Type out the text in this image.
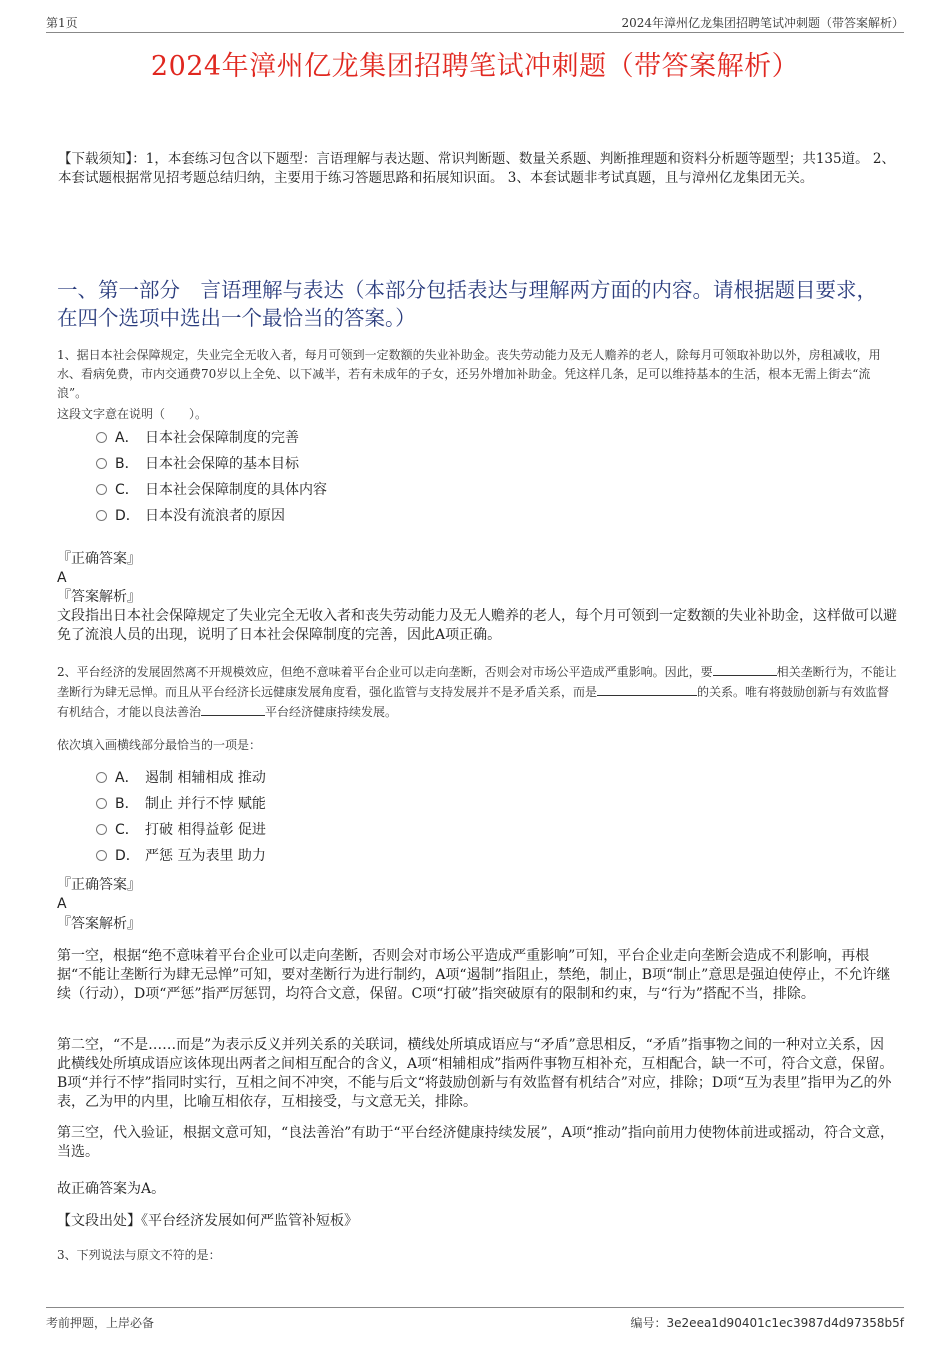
第1页	2024年漳州亿龙集团招聘笔试冲刺题（带答案解析）
2024年漳州亿龙集团招聘笔试冲刺题（带答案解析）
【下载须知】：1，本套练习包含以下题型：言语理解与表达题、常识判断题、数量关系题、判断推理题和资料分析题等题型；共135道。 2、本套试题根据常见招考题总结归纳，主要用于练习答题思路和拓展知识面。 3、本套试题非考试真题，且与漳州亿龙集团无关。
一、第一部分　言语理解与表达（本部分包括表达与理解两方面的内容。请根据题目要求，在四个选项中选出一个最恰当的答案。）
1、据日本社会保障规定，失业完全无收入者，每月可领到一定数额的失业补助金。丧失劳动能力及无人赡养的老人，除每月可领取补助以外，房租减收，用水、看病免费，市内交通费70岁以上全免、以下减半，若有未成年的子女，还另外增加补助金。凭这样几条，足可以维持基本的生活，根本无需上街去“流浪”。
这段文字意在说明（　　）。
A． 日本社会保障制度的完善
B． 日本社会保障的基本目标
C． 日本社会保障制度的具体内容
D． 日本没有流浪者的原因
『正确答案』
A
『答案解析』
文段指出日本社会保障规定了失业完全无收入者和丧失劳动能力及无人赡养的老人，每个月可领到一定数额的失业补助金，这样做可以避免了流浪人员的出现，说明了日本社会保障制度的完善，因此A项正确。
2、平台经济的发展固然离不开规模效应，但绝不意味着平台企业可以走向垄断，否则会对市场公平造成严重影响。因此，要	相关垄断行为，不能让垄断行为肆无忌惮。而且从平台经济长远健康发展角度看，强化监管与支持发展并不是矛盾关系，而是	的关系。唯有将鼓励创新与有效监督有机结合，才能以良法善治	平台经济健康持续发展。
依次填入画横线部分最恰当的一项是：
A． 遏制 相辅相成 推动
B． 制止 并行不悖 赋能
C． 打破 相得益彰 促进
D． 严惩 互为表里 助力
『正确答案』
A
『答案解析』
第一空，根据“绝不意味着平台企业可以走向垄断，否则会对市场公平造成严重影响”可知，平台企业走向垄断会造成不利影响，再根据“不能让垄断行为肆无忌惮”可知，要对垄断行为进行制约，A项“遏制”指阻止，禁绝，制止，B项“制止”意思是强迫使停止，不允许继续（行动），D项“严惩”指严厉惩罚，均符合文意，保留。C项“打破”指突破原有的限制和约束，与“行为”搭配不当，排除。
第二空，“不是……而是”为表示反义并列关系的关联词，横线处所填成语应与“矛盾”意思相反，“矛盾”指事物之间的一种对立关系，因此横线处所填成语应该体现出两者之间相互配合的含义，A项“相辅相成”指两件事物互相补充，互相配合，缺一不可，符合文意，保留。B项“并行不悖”指同时实行，互相之间不冲突，不能与后文“将鼓励创新与有效监督有机结合”对应，排除；D项“互为表里”指甲为乙的外表，乙为甲的内里，比喻互相依存，互相接受，与文意无关，排除。
第三空，代入验证，根据文意可知，“良法善治”有助于“平台经济健康持续发展”，A项“推动”指向前用力使物体前进或摇动，符合文意，当选。
故正确答案为A。
【文段出处】《平台经济发展如何严监管补短板》
3、下列说法与原文不符的是：
考前押题，上岸必备	编号：3e2eea1d90401c1ec3987d4d97358b5f
